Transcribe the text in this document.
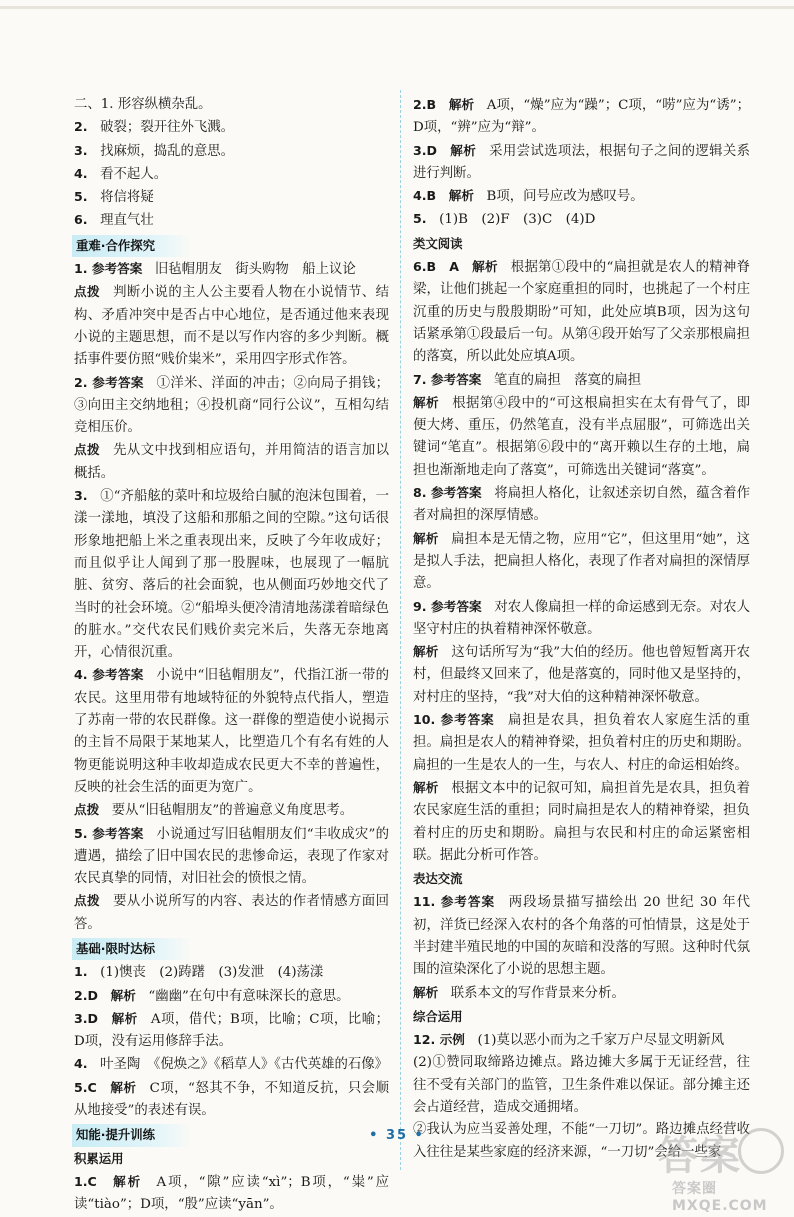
二、1. 形容纵横杂乱。

2.　破裂；裂开往外飞溅。

3.　找麻烦，捣乱的意思。

4.　看不起人。

5.　将信将疑

6.　理直气壮

重难·合作探究

1. 参考答案　旧毡帽朋友　街头购物　船上议论

点拨　判断小说的主人公主要看人物在小说情节、结构、矛盾冲突中是否占中心地位，是否通过他来表现小说的主题思想，而不是以写作内容的多少判断。概括事件要仿照“贱价粜米”，采用四字形式作答。

2. 参考答案　①洋米、洋面的冲击；②向局子捐钱；③向田主交纳地租；④投机商“同行公议”，互相勾结竞相压价。

点拨　先从文中找到相应语句，并用简洁的语言加以概括。

3.　①“齐船舷的菜叶和垃圾给白腻的泡沫包围着，一漾一漾地，填没了这船和那船之间的空隙。”这句话很形象地把船上米之重表现出来，反映了今年收成好；而且似乎让人闻到了那一股腥味，也展现了一幅肮脏、贫穷、落后的社会面貌，也从侧面巧妙地交代了当时的社会环境。②“船埠头便冷清清地荡漾着暗绿色的脏水。”交代农民们贱价卖完米后，失落无奈地离开，心情很沉重。

4. 参考答案　小说中“旧毡帽朋友”，代指江浙一带的农民。这里用带有地域特征的外貌特点代指人，塑造了苏南一带的农民群像。这一群像的塑造使小说揭示的主旨不局限于某地某人，比塑造几个有名有姓的人物更能说明这种丰收却造成农民更大不幸的普遍性，反映的社会生活的面更为宽广。

点拨　要从“旧毡帽朋友”的普遍意义角度思考。

5. 参考答案　小说通过写旧毡帽朋友们“丰收成灾”的遭遇，描绘了旧中国农民的悲惨命运，表现了作家对农民真挚的同情，对旧社会的愤恨之情。

点拨　要从小说所写的内容、表达的作者情感方面回答。

基础·限时达标

1.　(1)懊丧　(2)踌躇　(3)发泄　(4)荡漾

2.D　解析　“幽幽”在句中有意味深长的意思。

3.D　解析　A项，借代；B项，比喻；C项，比喻；D项，没有运用修辞手法。

4.　叶圣陶　《倪焕之》《稻草人》《古代英雄的石像》

5.C　解析　C项，“怒其不争，不知道反抗，只会顺从地接受”的表述有误。

知能·提升训练
积累运用

1.C　解析　A项，“隙”应读“xì”；B项，“粜”应读“tiào”；D项，“殷”应读“yān”。

2.B　解析　A项，“燥”应为“躁”；C项，“唠”应为“诱”；D项，“辨”应为“辩”。

3.D　解析　采用尝试选项法，根据句子之间的逻辑关系进行判断。

4.B　解析　B项，问号应改为感叹号。

5.　(1)B　(2)F　(3)C　(4)D

类文阅读

6.B　A　解析　根据第①段中的“扁担就是农人的精神脊梁，让他们挑起一个家庭重担的同时，也挑起了一个村庄沉重的历史与殷殷期盼”可知，此处应填B项，因为这句话紧承第①段最后一句。从第④段开始写了父亲那根扁担的落寞，所以此处应填A项。

7. 参考答案　笔直的扁担　落寞的扁担

解析　根据第④段中的“可这根扁担实在太有骨气了，即便大烤、重压，仍然笔直，没有半点屈服”，可筛选出关键词“笔直”。根据第⑥段中的“离开赖以生存的土地，扁担也渐渐地走向了落寞”，可筛选出关键词“落寞”。

8. 参考答案　将扁担人格化，让叙述亲切自然，蕴含着作者对扁担的深厚情感。

解析　扁担本是无情之物，应用“它”，但这里用“她”，这是拟人手法，把扁担人格化，表现了作者对扁担的深情厚意。

9. 参考答案　对农人像扁担一样的命运感到无奈。对农人坚守村庄的执着精神深怀敬意。

解析　这句话所写为“我”大伯的经历。他也曾短暂离开农村，但最终又回来了，他是落寞的，同时他又是坚持的，对村庄的坚持，“我”对大伯的这种精神深怀敬意。

10. 参考答案　扁担是农具，担负着农人家庭生活的重担。扁担是农人的精神脊梁，担负着村庄的历史和期盼。扁担的一生是农人的一生，与农人、村庄的命运相始终。

解析　根据文本中的记叙可知，扁担首先是农具，担负着农民家庭生活的重担；同时扁担是农人的精神脊梁，担负着村庄的历史和期盼。扁担与农民和村庄的命运紧密相联。据此分析可作答。

表达交流

11. 参考答案　两段场景描写描绘出 20 世纪 30 年代初，洋货已经深入农村的各个角落的可怕情景，这是处于半封建半殖民地的中国的灰暗和没落的写照。这种时代氛围的渲染深化了小说的思想主题。

解析　联系本文的写作背景来分析。

综合运用

12. 示例　(1)莫以恶小而为之千家万户尽显文明新风

(2)①赞同取缔路边摊点。路边摊大多属于无证经营，往往不受有关部门的监管，卫生条件难以保证。部分摊主还会占道经营，造成交通拥堵。

②我认为应当妥善处理，不能“一刀切”。路边摊点经营收入往往是某些家庭的经济来源，“一刀切”会给一些家

• 35 •	答案
答案圈 MXQE.COM
